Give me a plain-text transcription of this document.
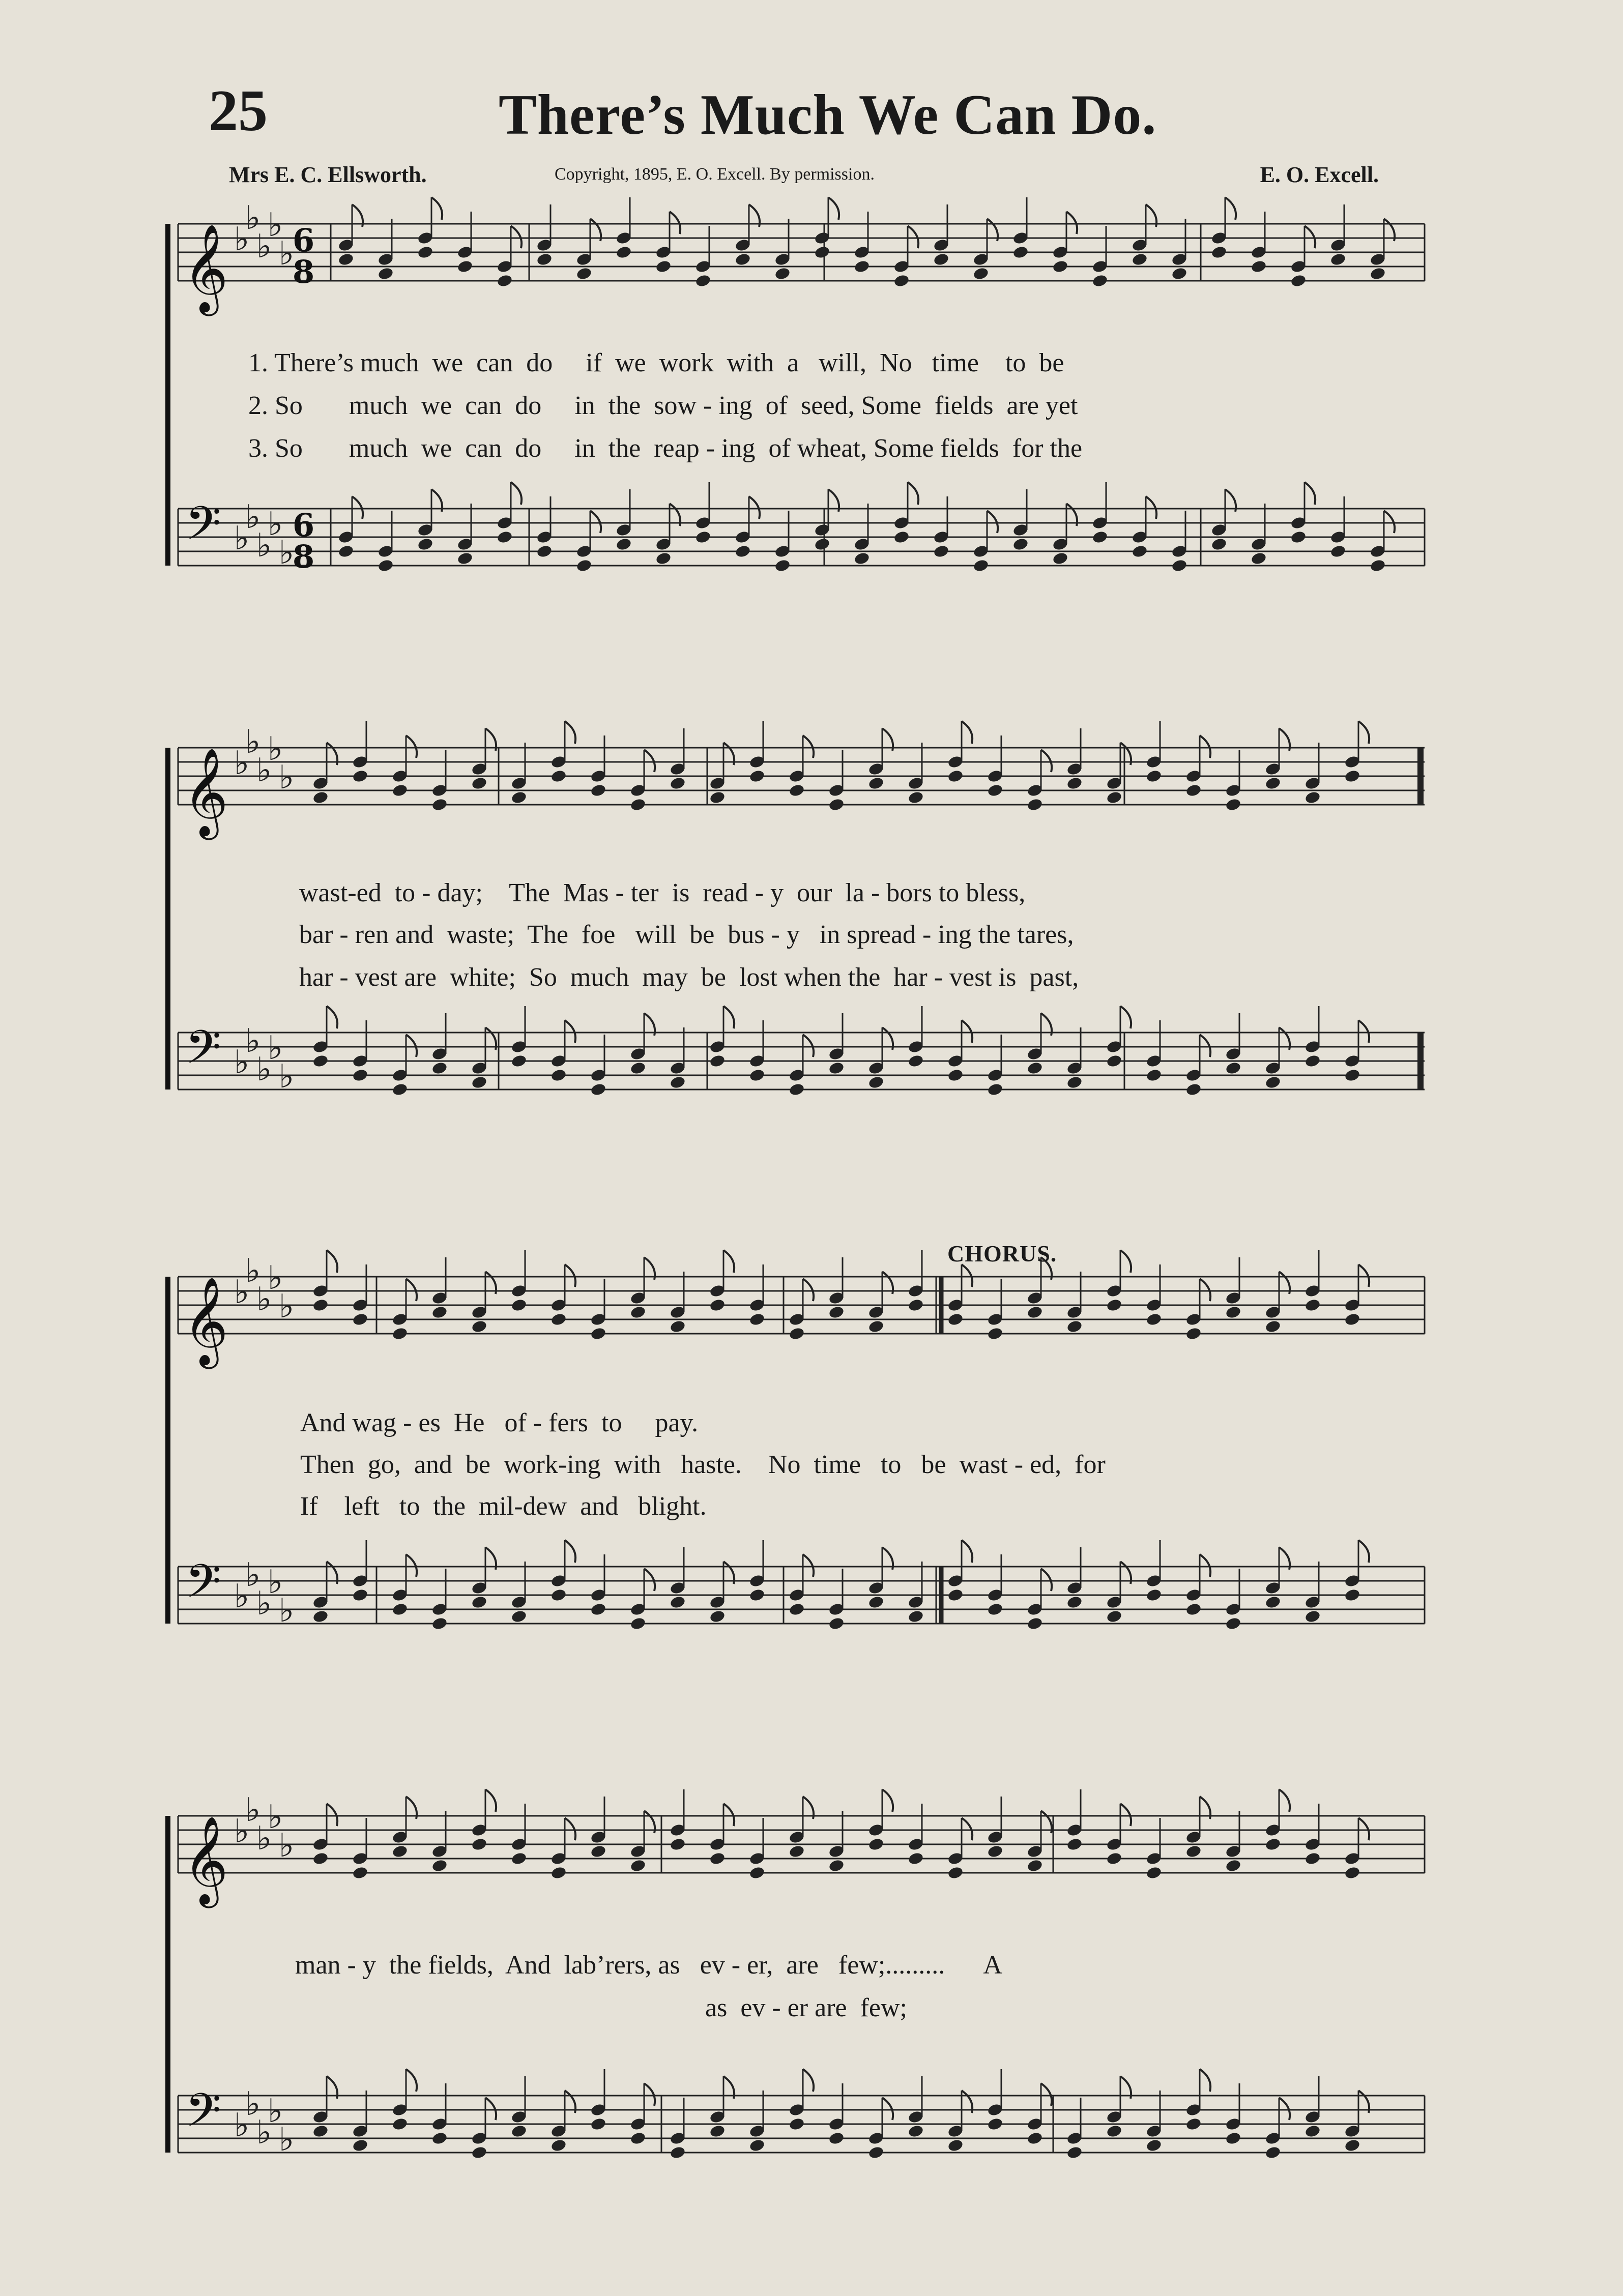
25	There’s Much We Can Do.
Mrs E. C. Ellsworth.	Copyright, 1895, E. O. Excell. By permission.	E. O. Excell.
𝄞
𝄢
♭
♭
♭
♭
♭
♭
♭
♭
♭
♭
6
8
6
8
𝄞
𝄢
♭
♭
♭
♭
♭
♭
♭
♭
♭
♭
𝄞
𝄢
♭
♭
♭
♭
♭
♭
♭
♭
♭
♭
𝄞
𝄢
♭
♭
♭
♭
♭
♭
♭
♭
♭
♭
CHORUS.
1. There’s much  we  can  do     if  we  work  with  a   will,  No   time    to  be
2. So       much  we  can  do     in  the  sow - ing  of  seed, Some  fields  are yet
3. So       much  we  can  do     in  the  reap - ing  of wheat, Some fields  for the
wast-ed  to - day;    The  Mas - ter  is  read - y  our  la - bors to bless,
bar - ren and  waste;  The  foe   will  be  bus - y   in spread - ing the tares,
har - vest are  white;  So  much  may  be  lost when the  har - vest is  past,
And wag - es  He   of - fers  to     pay.
Then  go,  and  be  work-ing  with   haste.    No  time   to   be  wast - ed,  for
If    left   to  the  mil-dew  and   blight.
man - y  the fields,  And  lab’rers, as   ev - er,  are   few;.........      A
as  ev - er are  few;
